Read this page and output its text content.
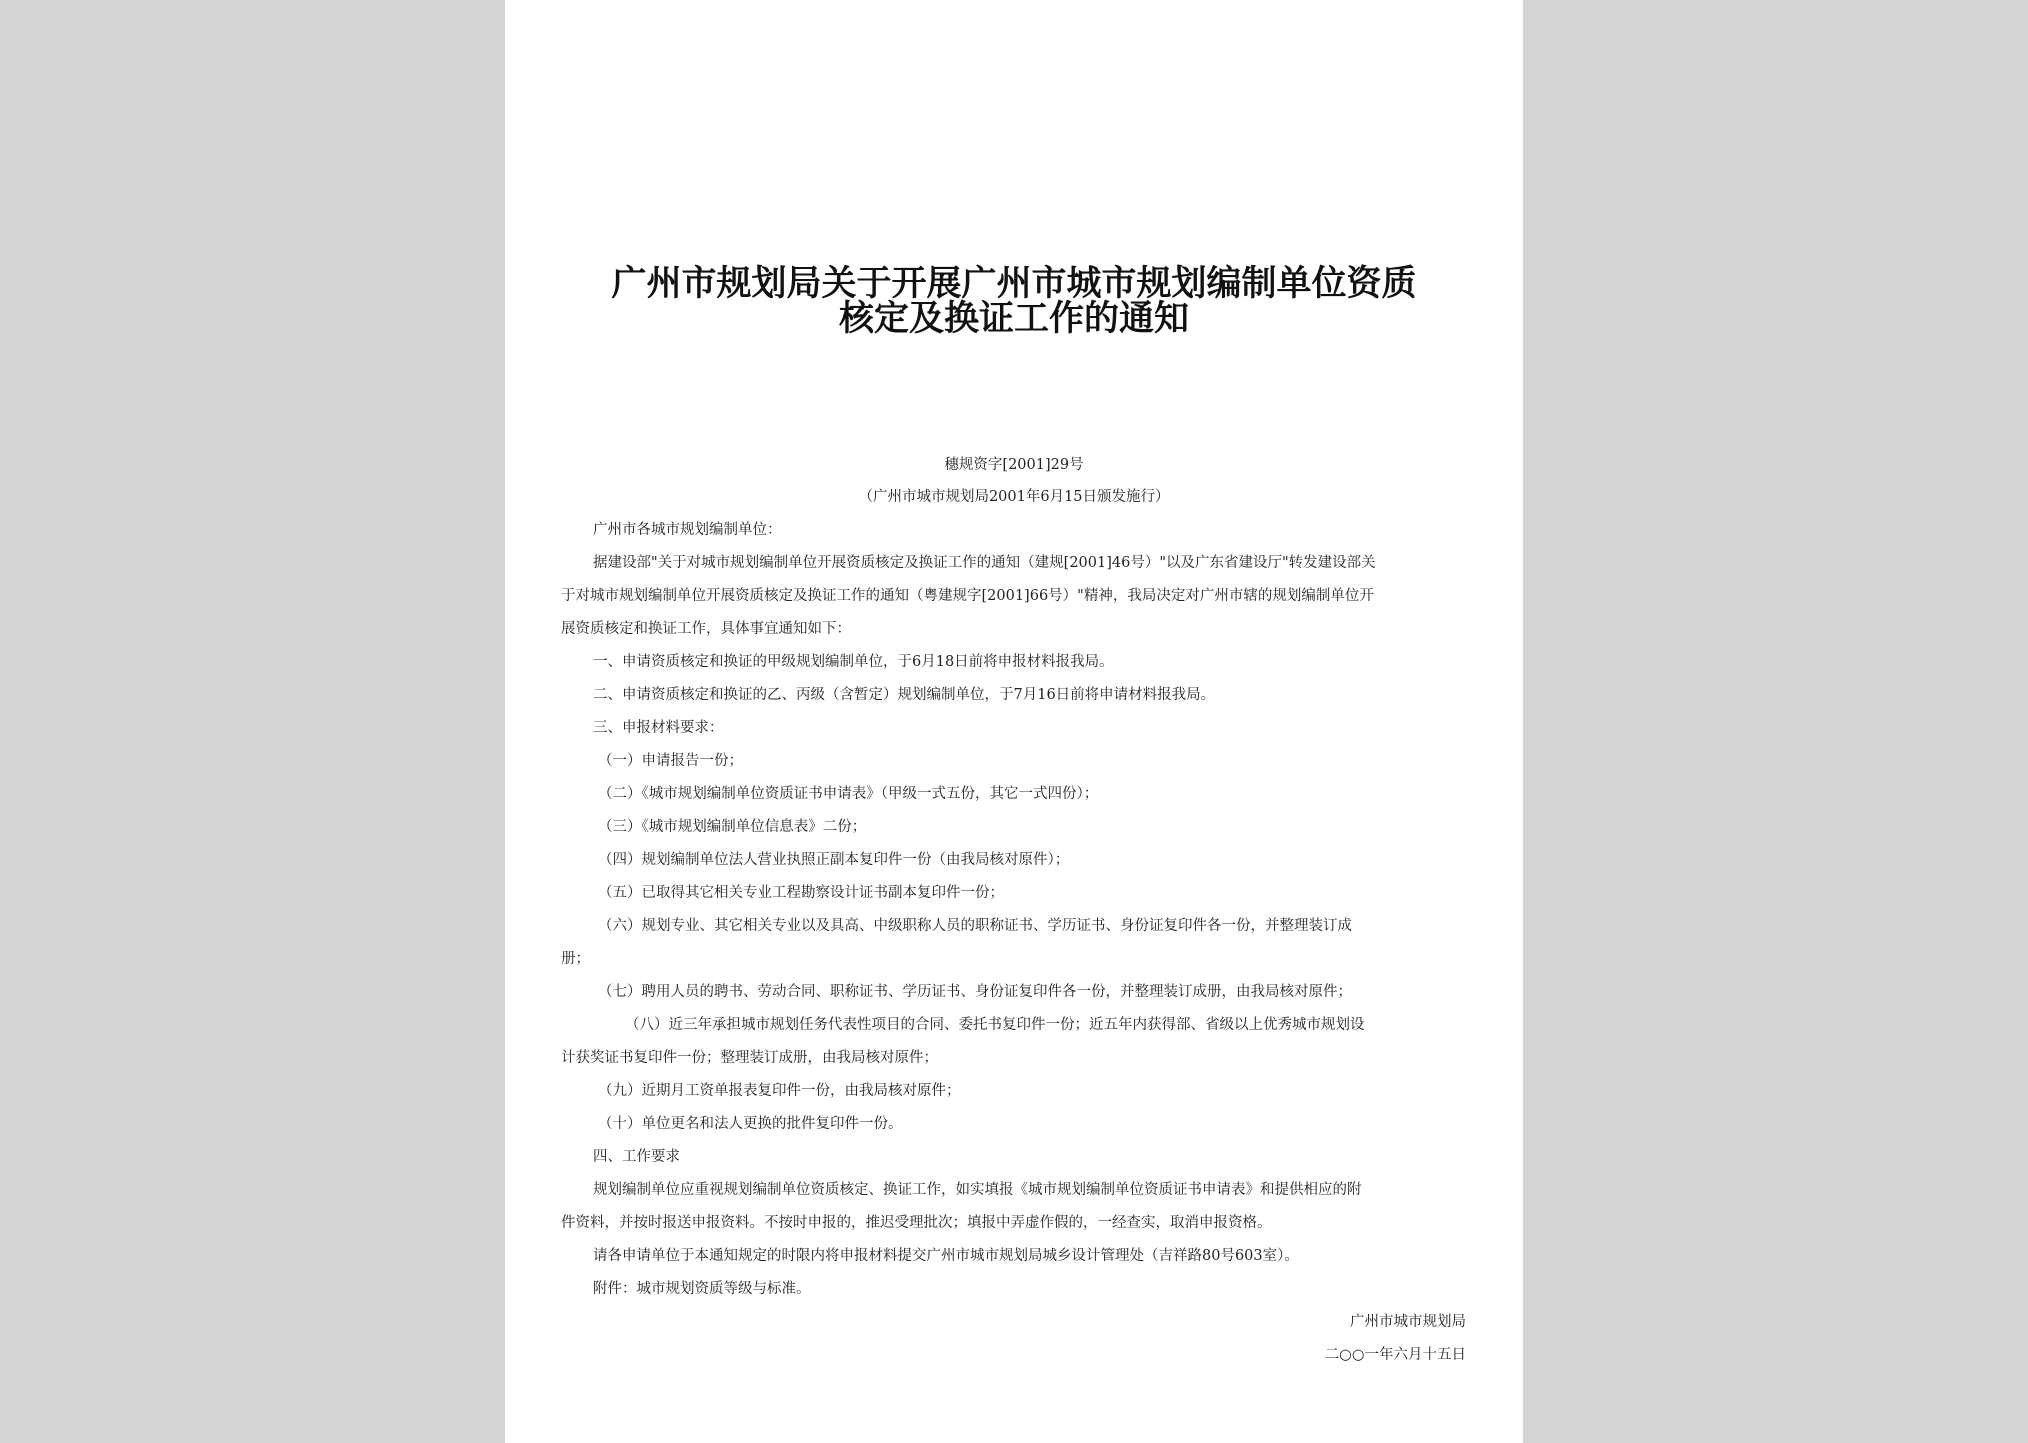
广州市规划局关于开展广州市城市规划编制单位资质
核定及换证工作的通知
穗规资字[2001]29号
（广州市城市规划局2001年6月15日颁发施行）
广州市各城市规划编制单位：
据建设部"关于对城市规划编制单位开展资质核定及换证工作的通知（建规[2001]46号）"以及广东省建设厅"转发建设部关
于对城市规划编制单位开展资质核定及换证工作的通知（粤建规字[2001]66号）"精神，我局决定对广州市辖的规划编制单位开
展资质核定和换证工作，具体事宜通知如下：
一、申请资质核定和换证的甲级规划编制单位，于6月18日前将申报材料报我局。
二、申请资质核定和换证的乙、丙级（含暂定）规划编制单位，于7月16日前将申请材料报我局。
三、申报材料要求：
（一）申请报告一份；
（二）《城市规划编制单位资质证书申请表》（甲级一式五份，其它一式四份）；
（三）《城市规划编制单位信息表》二份；
（四）规划编制单位法人营业执照正副本复印件一份（由我局核对原件）；
（五）已取得其它相关专业工程勘察设计证书副本复印件一份；
（六）规划专业、其它相关专业以及具高、中级职称人员的职称证书、学历证书、身份证复印件各一份，并整理装订成
册；
（七）聘用人员的聘书、劳动合同、职称证书、学历证书、身份证复印件各一份，并整理装订成册，由我局核对原件；
（八）近三年承担城市规划任务代表性项目的合同、委托书复印件一份；近五年内获得部、省级以上优秀城市规划设
计获奖证书复印件一份；整理装订成册，由我局核对原件；
（九）近期月工资单报表复印件一份，由我局核对原件；
（十）单位更名和法人更换的批件复印件一份。
四、工作要求
规划编制单位应重视规划编制单位资质核定、换证工作，如实填报《城市规划编制单位资质证书申请表》和提供相应的附
件资料，并按时报送申报资料。不按时申报的，推迟受理批次；填报中弄虚作假的，一经查实，取消申报资格。
请各申请单位于本通知规定的时限内将申报材料提交广州市城市规划局城乡设计管理处（吉祥路80号603室）。
附件：城市规划资质等级与标准。
广州市城市规划局
二○○一年六月十五日
